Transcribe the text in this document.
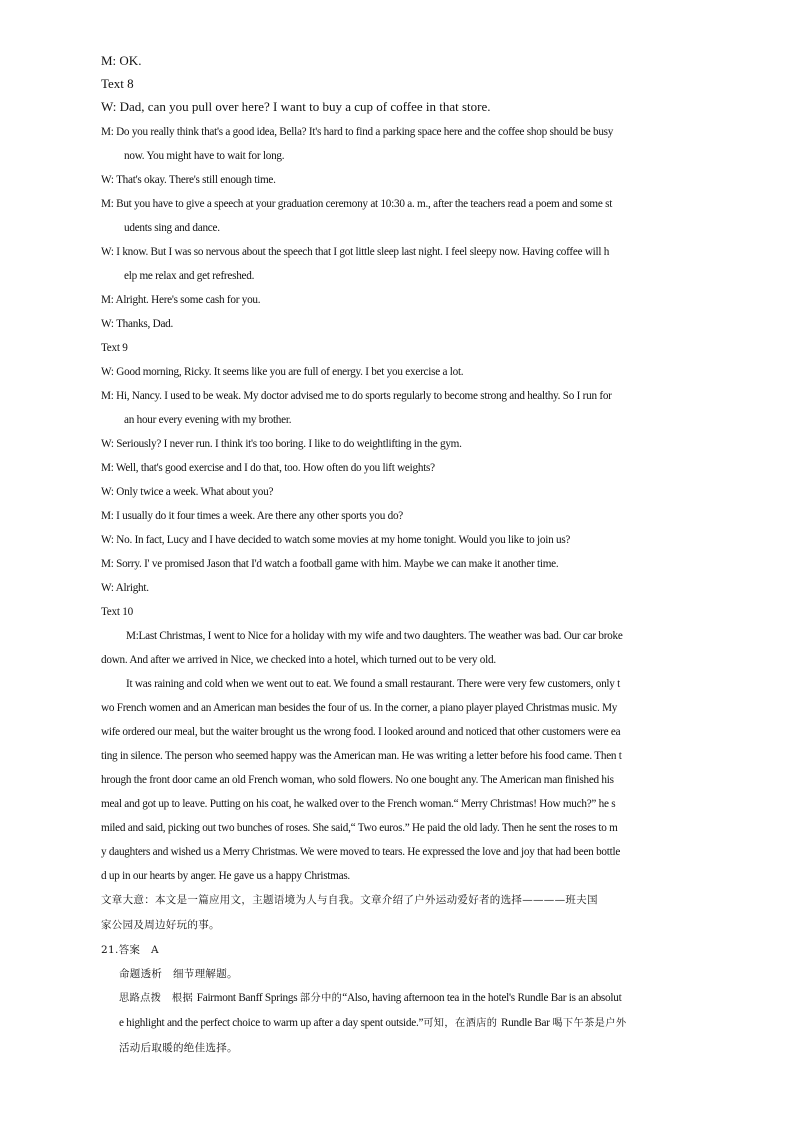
M: OK.
Text 8
W: Dad, can you pull over here? I want to buy a cup of coffee in that store.
M: Do you really think that's a good idea, Bella? It's hard to find a parking space here and the coffee shop should be busy
now. You might have to wait for long.
W: That's okay. There's still enough time.
M: But you have to give a speech at your graduation ceremony at 10:30 a. m., after the teachers read a poem and some st
udents sing and dance.
W: I know. But I was so nervous about the speech that I got little sleep last night. I feel sleepy now. Having coffee will h
elp me relax and get refreshed.
M: Alright. Here's some cash for you.
W: Thanks, Dad.
Text 9
W: Good morning, Ricky. It seems like you are full of energy. I bet you exercise a lot.
M: Hi, Nancy. I used to be weak. My doctor advised me to do sports regularly to become strong and healthy. So I run for
an hour every evening with my brother.
W: Seriously? I never run. I think it's too boring. I like to do weightlifting in the gym.
M: Well, that's good exercise and I do that, too. How often do you lift weights?
W: Only twice a week. What about you?
M: I usually do it four times a week. Are there any other sports you do?
W: No. In fact, Lucy and I have decided to watch some movies at my home tonight. Would you like to join us?
M: Sorry. I' ve promised Jason that I'd watch a football game with him. Maybe we can make it another time.
W: Alright.
Text 10
M:Last Christmas, I went to Nice for a holiday with my wife and two daughters. The weather was bad. Our car broke
down. And after we arrived in Nice, we checked into a hotel, which turned out to be very old.
It was raining and cold when we went out to eat. We found a small restaurant. There were very few customers, only t
wo French women and an American man besides the four of us. In the corner, a piano player played Christmas music. My
wife ordered our meal, but the waiter brought us the wrong food. I looked around and noticed that other customers were ea
ting in silence. The person who seemed happy was the American man. He was writing a letter before his food came. Then t
hrough the front door came an old French woman, who sold flowers. No one bought any. The American man finished his
meal and got up to leave. Putting on his coat, he walked over to the French woman.“ Merry Christmas! How much?” he s
miled and said, picking out two bunches of roses. She said,“ Two euros.” He paid the old lady. Then he sent the roses to m
y daughters and wished us a Merry Christmas. We were moved to tears. He expressed the love and joy that had been bottle
d up in our hearts by anger. He gave us a happy Christmas.
文章大意：本文是一篇应用文，主题语境为人与自我。文章介绍了户外运动爱好者的选择————班夫国
家公园及周边好玩的事。
21.答案　A
命题透析　细节理解题。
思路点拨　根据 Fairmont Banff Springs 部分中的“Also, having afternoon tea in the hotel's Rundle Bar is an absolut
e highlight and the perfect choice to warm up after a day spent outside.”可知，在酒店的 Rundle Bar 喝下午茶是户外
活动后取暖的绝佳选择。
